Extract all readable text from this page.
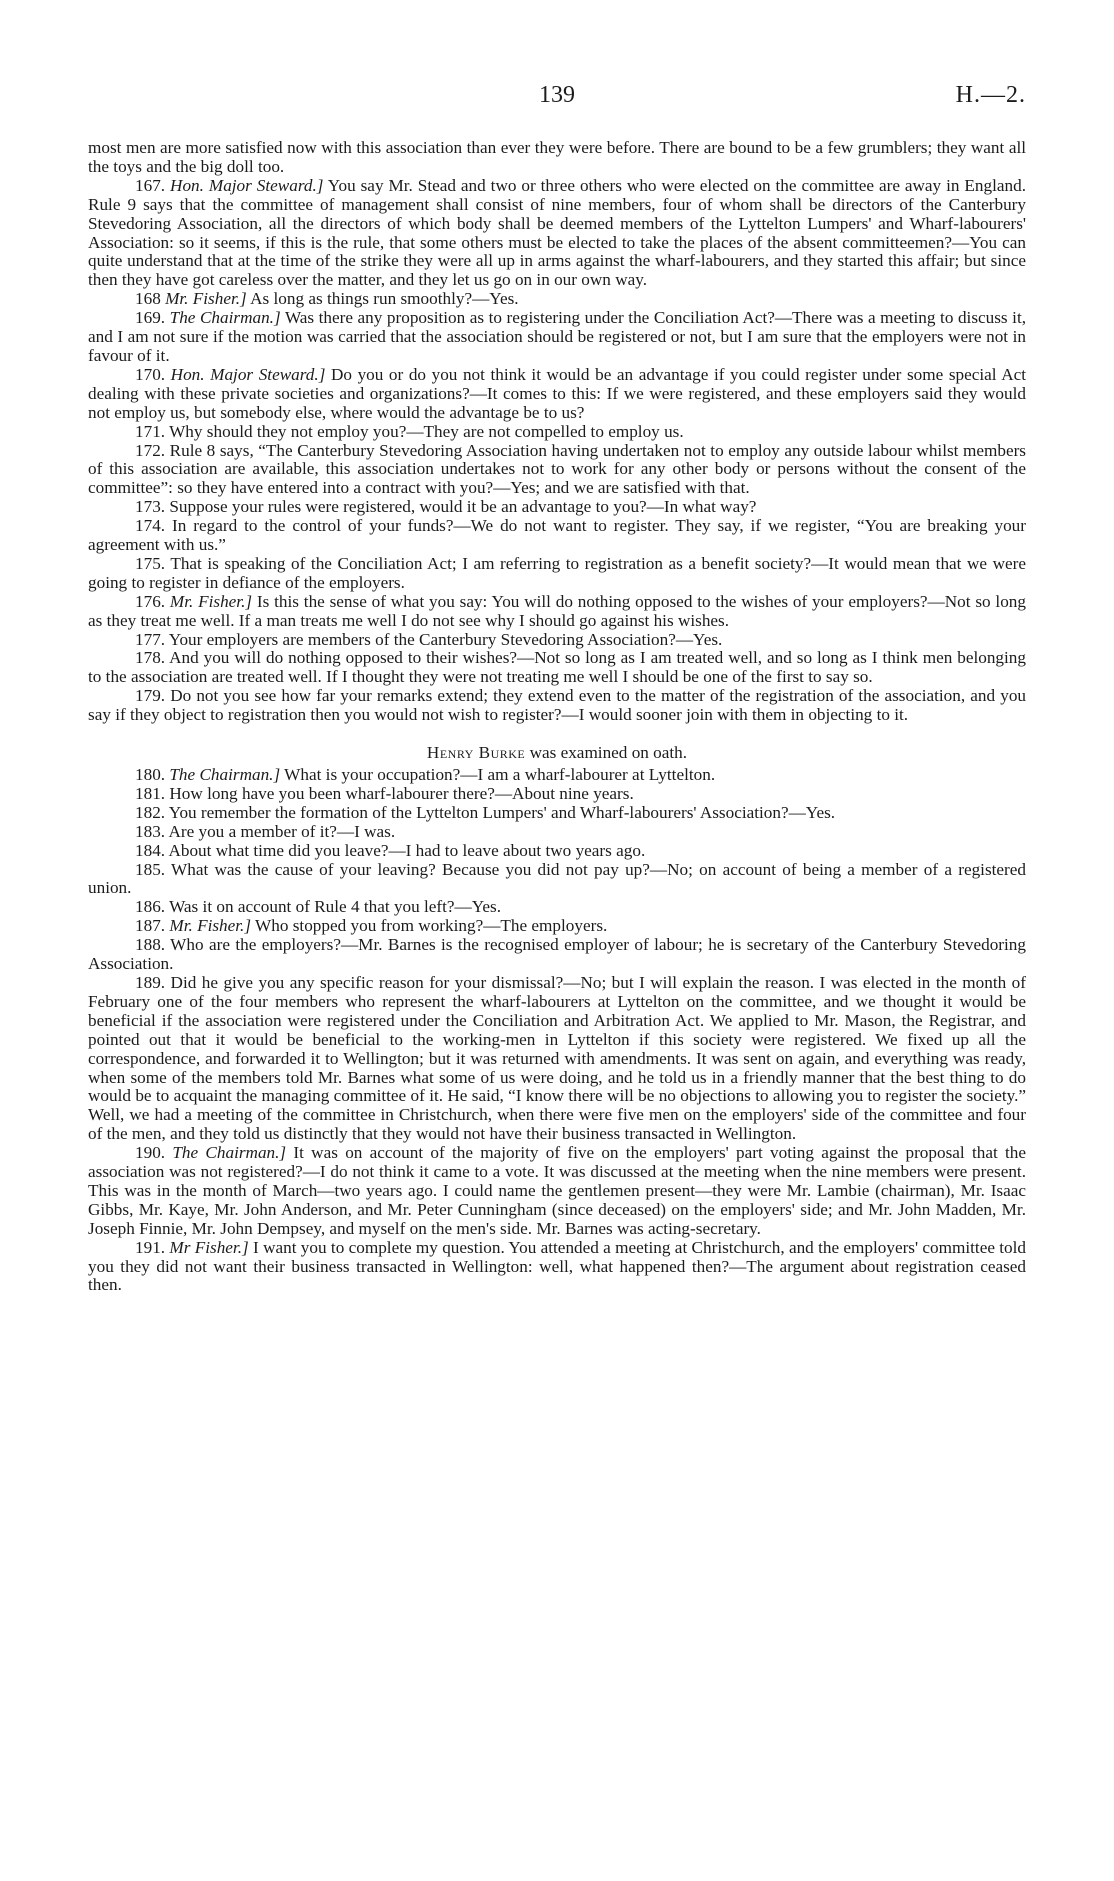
139	H.—2.

most men are more satisfied now with this association than ever they were before. There are bound to be a few grumblers; they want all the toys and the big doll too.

167. Hon. Major Steward.] You say Mr. Stead and two or three others who were elected on the committee are away in England. Rule 9 says that the committee of management shall consist of nine members, four of whom shall be directors of the Canterbury Stevedoring Association, all the directors of which body shall be deemed members of the Lyttelton Lumpers' and Wharf-labourers' Association: so it seems, if this is the rule, that some others must be elected to take the places of the absent committeemen?—You can quite understand that at the time of the strike they were all up in arms against the wharf-labourers, and they started this affair; but since then they have got careless over the matter, and they let us go on in our own way.

168 Mr. Fisher.] As long as things run smoothly?—Yes.

169. The Chairman.] Was there any proposition as to registering under the Conciliation Act?—There was a meeting to discuss it, and I am not sure if the motion was carried that the association should be registered or not, but I am sure that the employers were not in favour of it.

170. Hon. Major Steward.] Do you or do you not think it would be an advantage if you could register under some special Act dealing with these private societies and organizations?—It comes to this: If we were registered, and these employers said they would not employ us, but somebody else, where would the advantage be to us?

171. Why should they not employ you?—They are not compelled to employ us.

172. Rule 8 says, “The Canterbury Stevedoring Association having undertaken not to employ any outside labour whilst members of this association are available, this association undertakes not to work for any other body or persons without the consent of the committee”: so they have entered into a contract with you?—Yes; and we are satisfied with that.

173. Suppose your rules were registered, would it be an advantage to you?—In what way?

174. In regard to the control of your funds?—We do not want to register. They say, if we register, “You are breaking your agreement with us.”

175. That is speaking of the Conciliation Act; I am referring to registration as a benefit society?—It would mean that we were going to register in defiance of the employers.

176. Mr. Fisher.] Is this the sense of what you say: You will do nothing opposed to the wishes of your employers?—Not so long as they treat me well. If a man treats me well I do not see why I should go against his wishes.

177. Your employers are members of the Canterbury Stevedoring Association?—Yes.

178. And you will do nothing opposed to their wishes?—Not so long as I am treated well, and so long as I think men belonging to the association are treated well. If I thought they were not treating me well I should be one of the first to say so.

179. Do not you see how far your remarks extend; they extend even to the matter of the registration of the association, and you say if they object to registration then you would not wish to register?—I would sooner join with them in objecting to it.

Henry Burke was examined on oath.

180. The Chairman.] What is your occupation?—I am a wharf-labourer at Lyttelton.

181. How long have you been wharf-labourer there?—About nine years.

182. You remember the formation of the Lyttelton Lumpers' and Wharf-labourers' Association?—Yes.

183. Are you a member of it?—I was.

184. About what time did you leave?—I had to leave about two years ago.

185. What was the cause of your leaving? Because you did not pay up?—No; on account of being a member of a registered union.

186. Was it on account of Rule 4 that you left?—Yes.

187. Mr. Fisher.] Who stopped you from working?—The employers.

188. Who are the employers?—Mr. Barnes is the recognised employer of labour; he is secretary of the Canterbury Stevedoring Association.

189. Did he give you any specific reason for your dismissal?—No; but I will explain the reason. I was elected in the month of February one of the four members who represent the wharf-labourers at Lyttelton on the committee, and we thought it would be beneficial if the association were registered under the Conciliation and Arbitration Act. We applied to Mr. Mason, the Registrar, and pointed out that it would be beneficial to the working-men in Lyttelton if this society were registered. We fixed up all the correspondence, and forwarded it to Wellington; but it was returned with amendments. It was sent on again, and everything was ready, when some of the members told Mr. Barnes what some of us were doing, and he told us in a friendly manner that the best thing to do would be to acquaint the managing committee of it. He said, “I know there will be no objections to allowing you to register the society.” Well, we had a meeting of the committee in Christchurch, when there were five men on the employers' side of the committee and four of the men, and they told us distinctly that they would not have their business transacted in Wellington.

190. The Chairman.] It was on account of the majority of five on the employers' part voting against the proposal that the association was not registered?—I do not think it came to a vote. It was discussed at the meeting when the nine members were present. This was in the month of March—two years ago. I could name the gentlemen present—they were Mr. Lambie (chairman), Mr. Isaac Gibbs, Mr. Kaye, Mr. John Anderson, and Mr. Peter Cunningham (since deceased) on the employers' side; and Mr. John Madden, Mr. Joseph Finnie, Mr. John Dempsey, and myself on the men's side. Mr. Barnes was acting-secretary.

191. Mr Fisher.] I want you to complete my question. You attended a meeting at Christchurch, and the employers' committee told you they did not want their business transacted in Wellington: well, what happened then?—The argument about registration ceased then.
